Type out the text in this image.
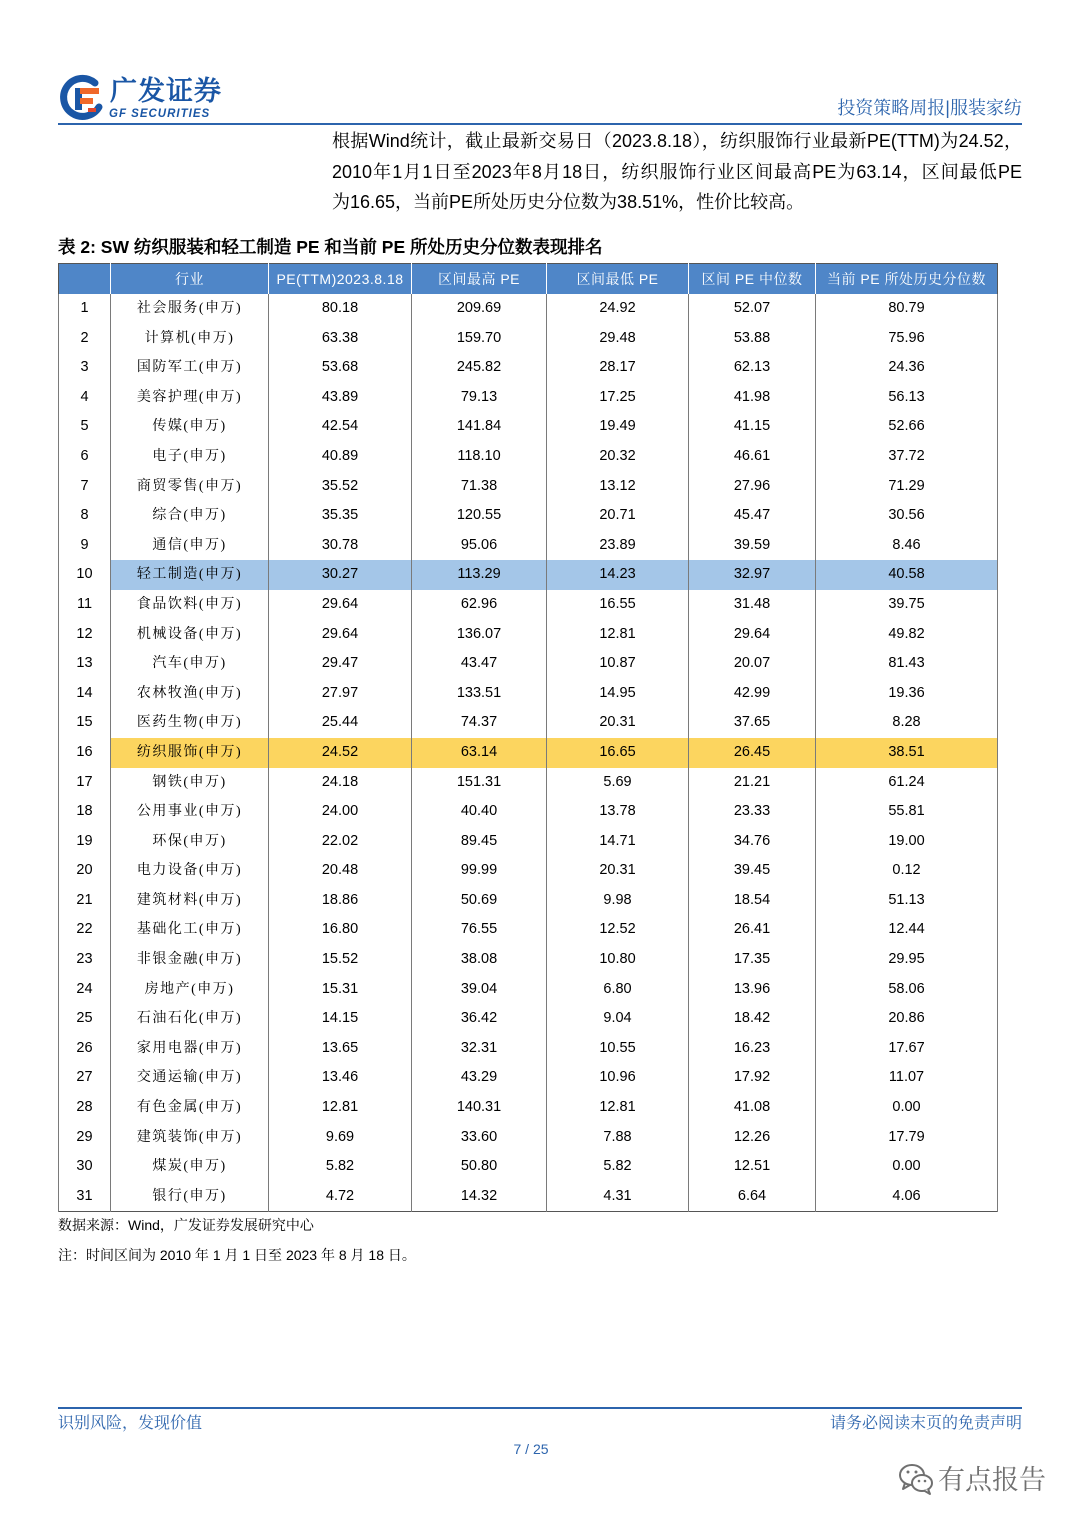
广发证券
GF SECURITIES	投资策略周报|服装家纺
根据Wind统计，截止最新交易日（2023.8.18），纺织服饰行业最新PE(TTM)为24.52，
2010年1月1日至2023年8月18日，纺织服饰行业区间最高PE为63.14，区间最低PE
为16.65，当前PE所处历史分位数为38.51%，性价比较高。
表 2: SW 纺织服装和轻工制造 PE 和当前 PE 所处历史分位数表现排名
	行业	PE(TTM)2023.8.18	区间最高 PE	区间最低 PE	区间 PE 中位数	当前 PE 所处历史分位数
1	社会服务(申万)	80.18	209.69	24.92	52.07	80.79
2	计算机(申万)	63.38	159.70	29.48	53.88	75.96
3	国防军工(申万)	53.68	245.82	28.17	62.13	24.36
4	美容护理(申万)	43.89	79.13	17.25	41.98	56.13
5	传媒(申万)	42.54	141.84	19.49	41.15	52.66
6	电子(申万)	40.89	118.10	20.32	46.61	37.72
7	商贸零售(申万)	35.52	71.38	13.12	27.96	71.29
8	综合(申万)	35.35	120.55	20.71	45.47	30.56
9	通信(申万)	30.78	95.06	23.89	39.59	8.46
10	轻工制造(申万)	30.27	113.29	14.23	32.97	40.58
11	食品饮料(申万)	29.64	62.96	16.55	31.48	39.75
12	机械设备(申万)	29.64	136.07	12.81	29.64	49.82
13	汽车(申万)	29.47	43.47	10.87	20.07	81.43
14	农林牧渔(申万)	27.97	133.51	14.95	42.99	19.36
15	医药生物(申万)	25.44	74.37	20.31	37.65	8.28
16	纺织服饰(申万)	24.52	63.14	16.65	26.45	38.51
17	钢铁(申万)	24.18	151.31	5.69	21.21	61.24
18	公用事业(申万)	24.00	40.40	13.78	23.33	55.81
19	环保(申万)	22.02	89.45	14.71	34.76	19.00
20	电力设备(申万)	20.48	99.99	20.31	39.45	0.12
21	建筑材料(申万)	18.86	50.69	9.98	18.54	51.13
22	基础化工(申万)	16.80	76.55	12.52	26.41	12.44
23	非银金融(申万)	15.52	38.08	10.80	17.35	29.95
24	房地产(申万)	15.31	39.04	6.80	13.96	58.06
25	石油石化(申万)	14.15	36.42	9.04	18.42	20.86
26	家用电器(申万)	13.65	32.31	10.55	16.23	17.67
27	交通运输(申万)	13.46	43.29	10.96	17.92	11.07
28	有色金属(申万)	12.81	140.31	12.81	41.08	0.00
29	建筑装饰(申万)	9.69	33.60	7.88	12.26	17.79
30	煤炭(申万)	5.82	50.80	5.82	12.51	0.00
31	银行(申万)	4.72	14.32	4.31	6.64	4.06
数据来源：Wind，广发证券发展研究中心
注：时间区间为 2010 年 1 月 1 日至 2023 年 8 月 18 日。
识别风险，发现价值	请务必阅读末页的免责声明
7 / 25
有点报告
